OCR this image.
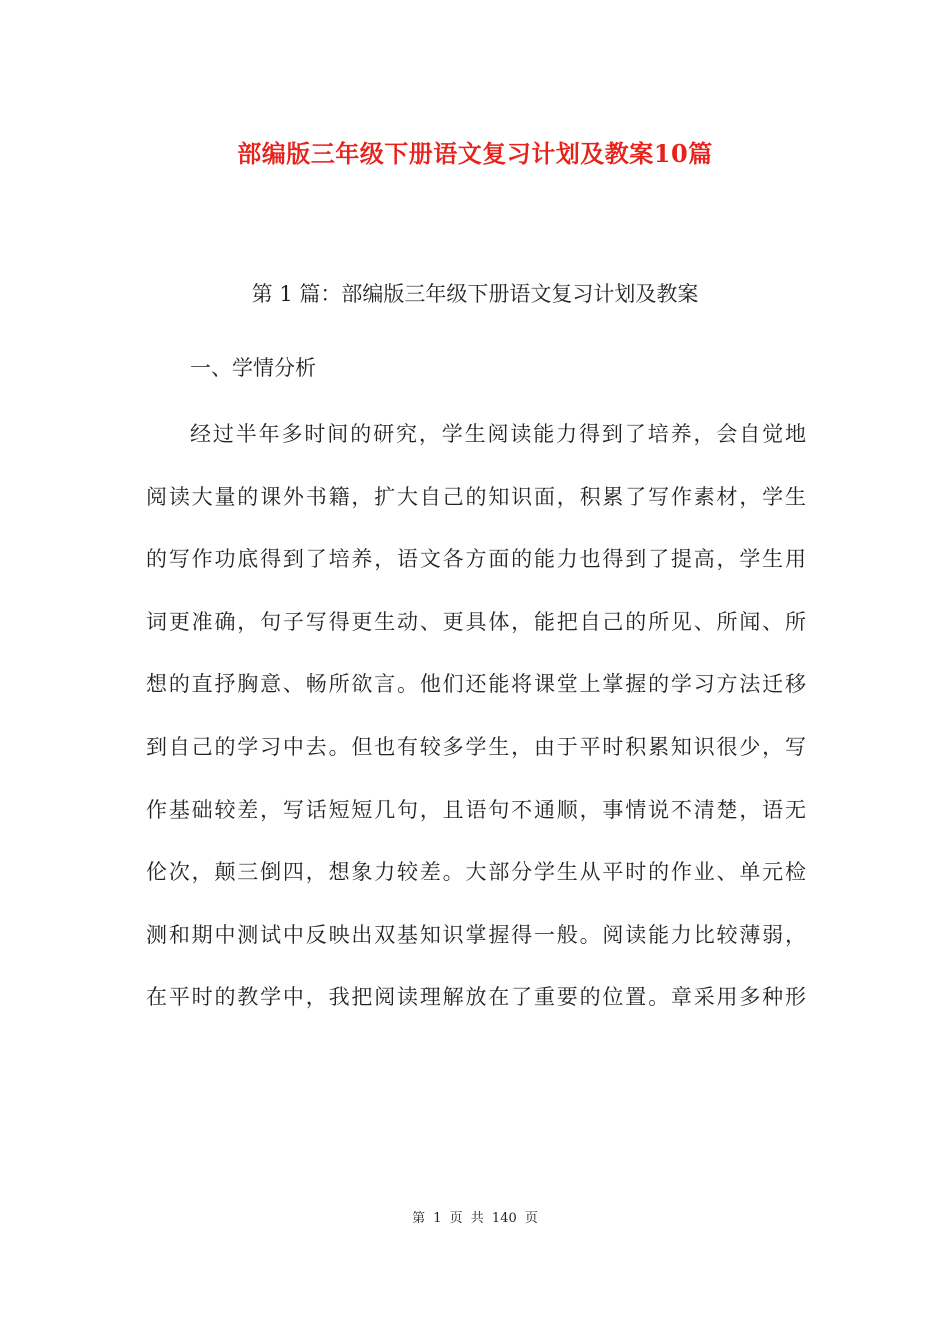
部编版三年级下册语文复习计划及教案10篇
第 1 篇：部编版三年级下册语文复习计划及教案
一、学情分析
经过半年多时间的研究，学生阅读能力得到了培养，会自觉地
阅读大量的课外书籍，扩大自己的知识面，积累了写作素材，学生
的写作功底得到了培养，语文各方面的能力也得到了提高，学生用
词更准确，句子写得更生动、更具体，能把自己的所见、所闻、所
想的直抒胸意、畅所欲言。他们还能将课堂上掌握的学习方法迁移
到自己的学习中去。但也有较多学生，由于平时积累知识很少，写
作基础较差，写话短短几句，且语句不通顺，事情说不清楚，语无
伦次，颠三倒四，想象力较差。大部分学生从平时的作业、单元检
测和期中测试中反映出双基知识掌握得一般。阅读能力比较薄弱，
在平时的教学中，我把阅读理解放在了重要的位置。章采用多种形
第 1 页 共 140 页
